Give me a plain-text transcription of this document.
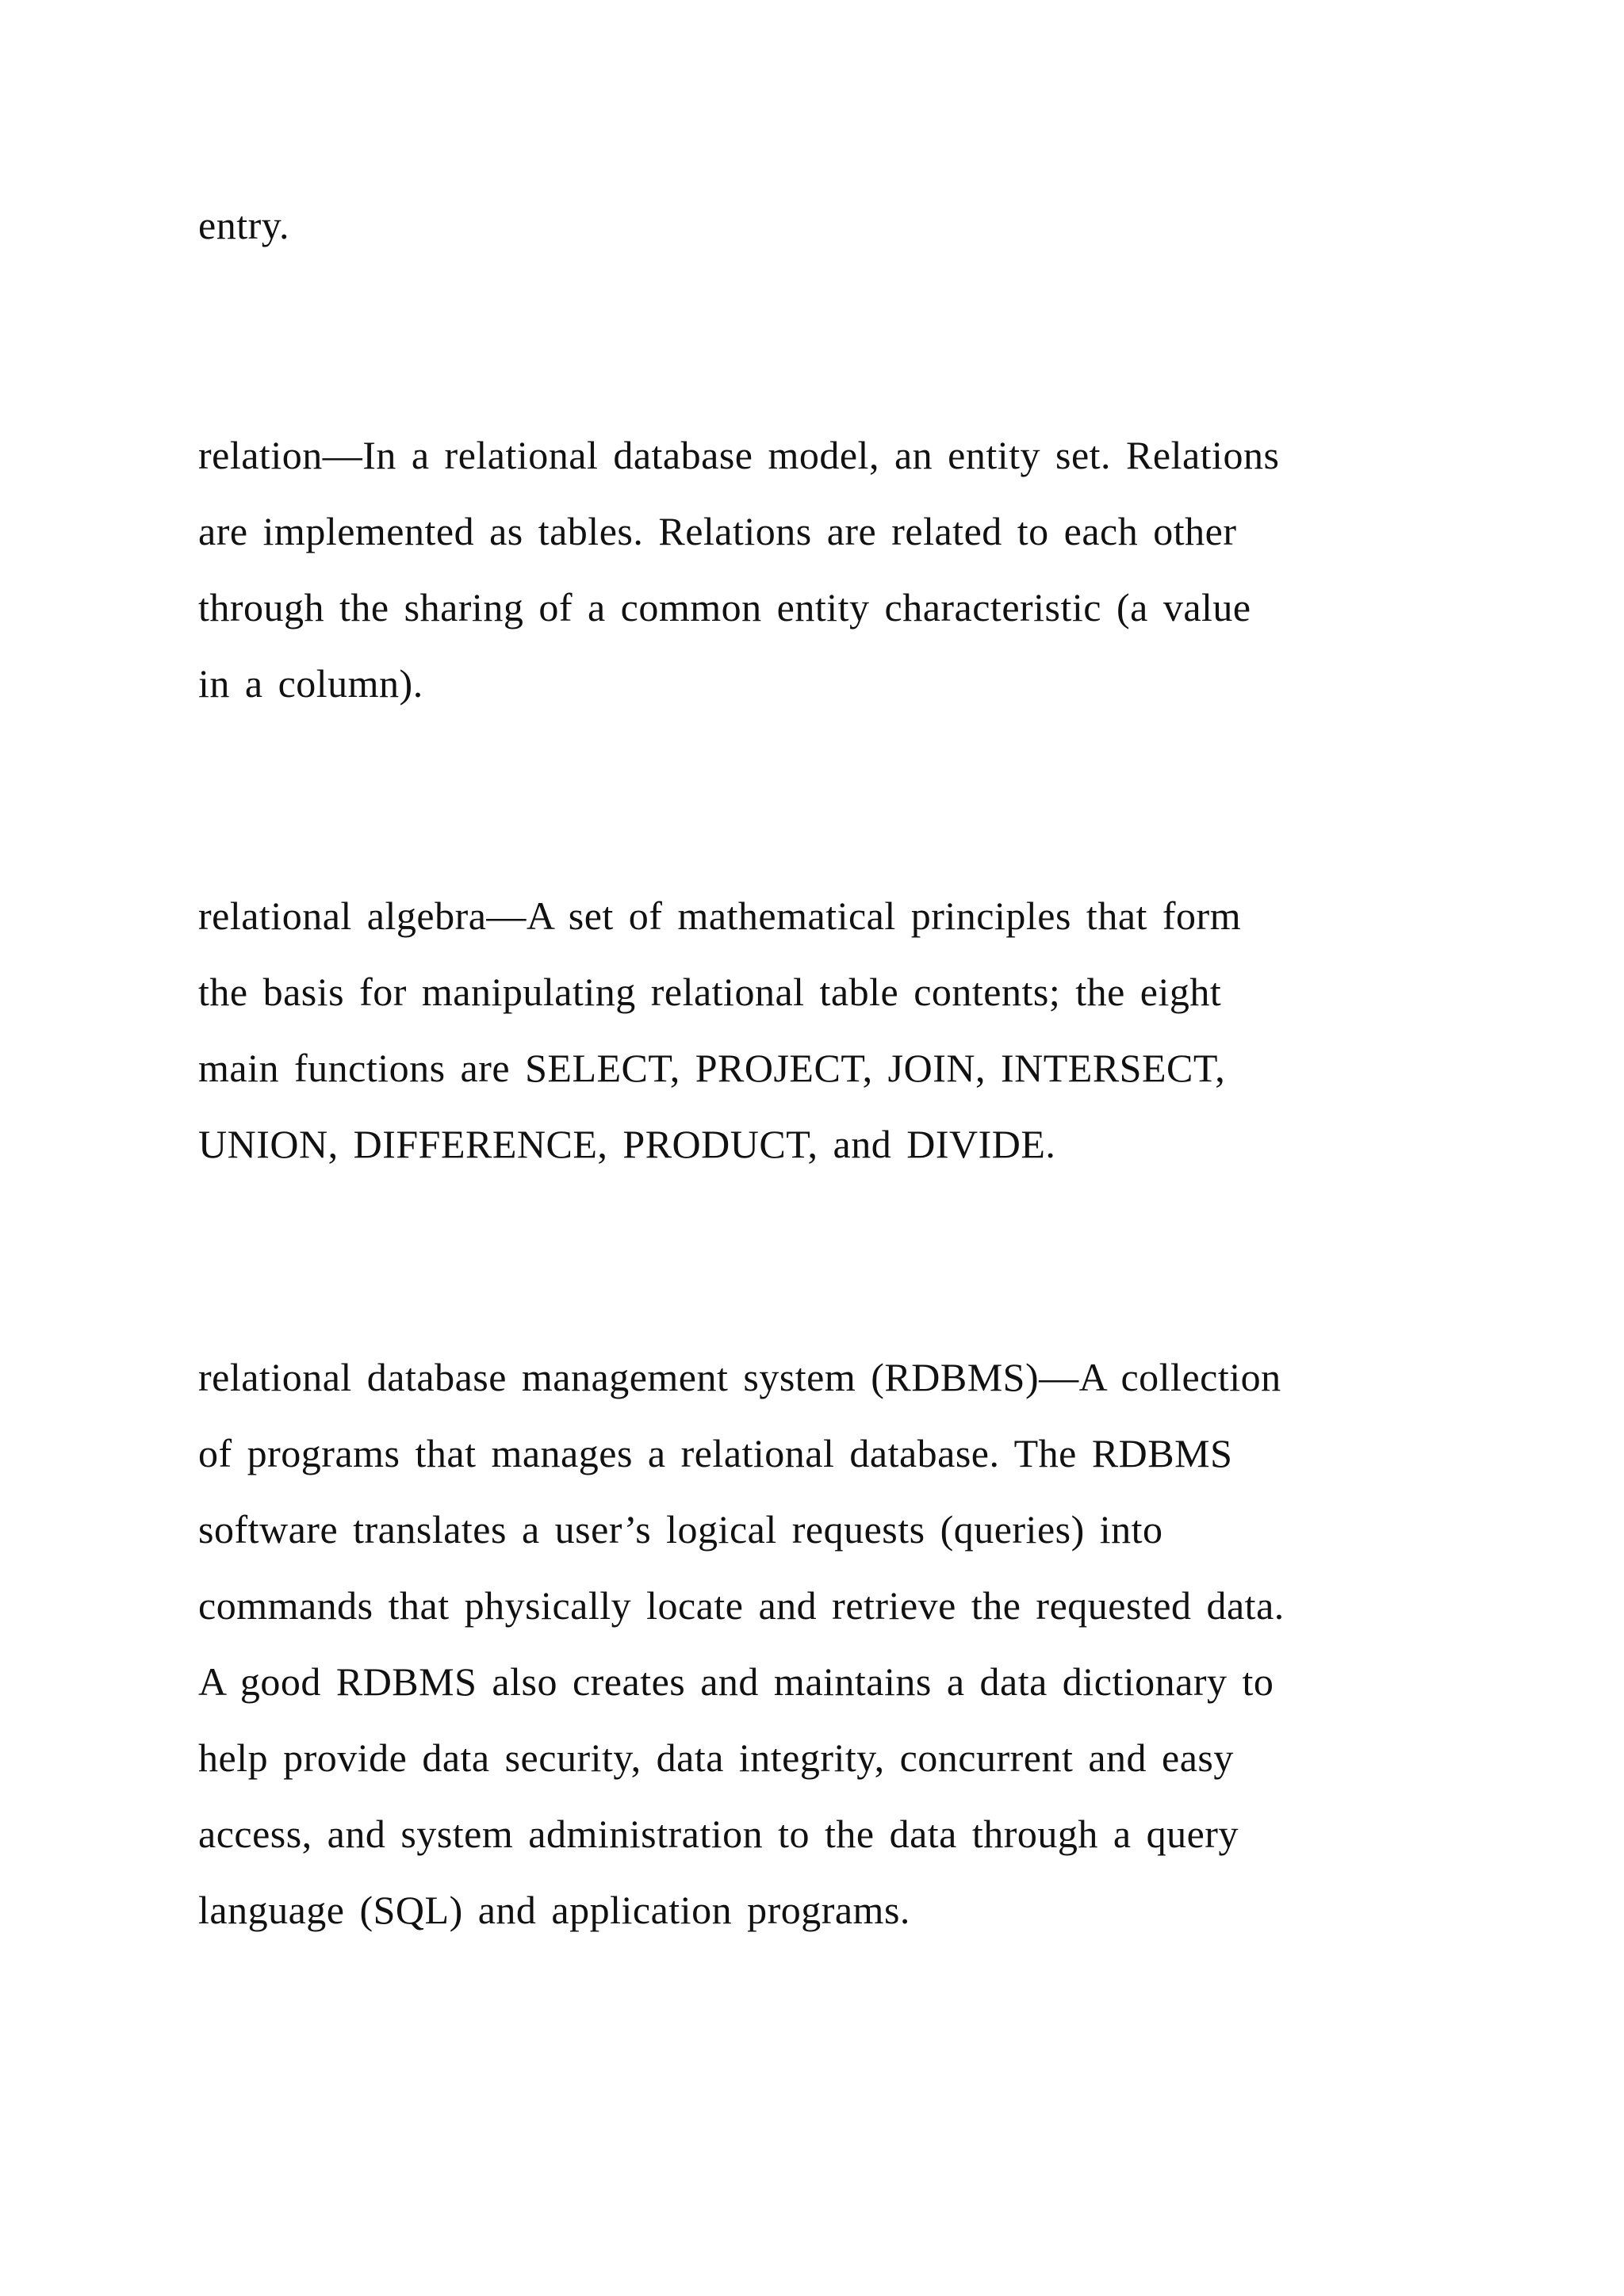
entry.

relation—In a relational database model, an entity set. Relations
are implemented as tables. Relations are related to each other
through the sharing of a common entity characteristic (a value
in a column).

relational algebra—A set of mathematical principles that form
the basis for manipulating relational table contents; the eight
main functions are SELECT, PROJECT, JOIN, INTERSECT,
UNION, DIFFERENCE, PRODUCT, and DIVIDE.

relational database management system (RDBMS)—A collection
of programs that manages a relational database. The RDBMS
software translates a user’s logical requests (queries) into
commands that physically locate and retrieve the requested data.
A good RDBMS also creates and maintains a data dictionary to
help provide data security, data integrity, concurrent and easy
access, and system administration to the data through a query
language (SQL) and application programs.
